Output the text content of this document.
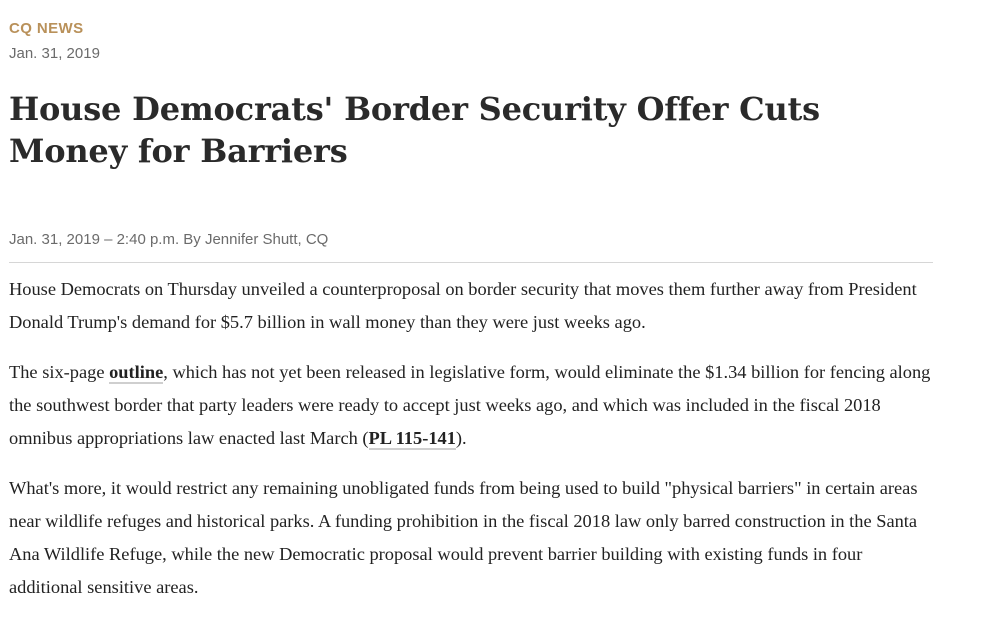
CQ NEWS
Jan. 31, 2019
House Democrats' Border Security Offer Cuts Money for Barriers
Jan. 31, 2019 – 2:40 p.m. By Jennifer Shutt, CQ

House Democrats on Thursday unveiled a counterproposal on border security that moves them further away from President Donald Trump's demand for $5.7 billion in wall money than they were just weeks ago.

The six-page outline, which has not yet been released in legislative form, would eliminate the $1.34 billion for fencing along the southwest border that party leaders were ready to accept just weeks ago, and which was included in the fiscal 2018 omnibus appropriations law enacted last March (PL 115-141).

What's more, it would restrict any remaining unobligated funds from being used to build "physical barriers" in certain areas near wildlife refuges and historical parks. A funding prohibition in the fiscal 2018 law only barred construction in the Santa Ana Wildlife Refuge, while the new Democratic proposal would prevent barrier building with existing funds in four additional sensitive areas.
